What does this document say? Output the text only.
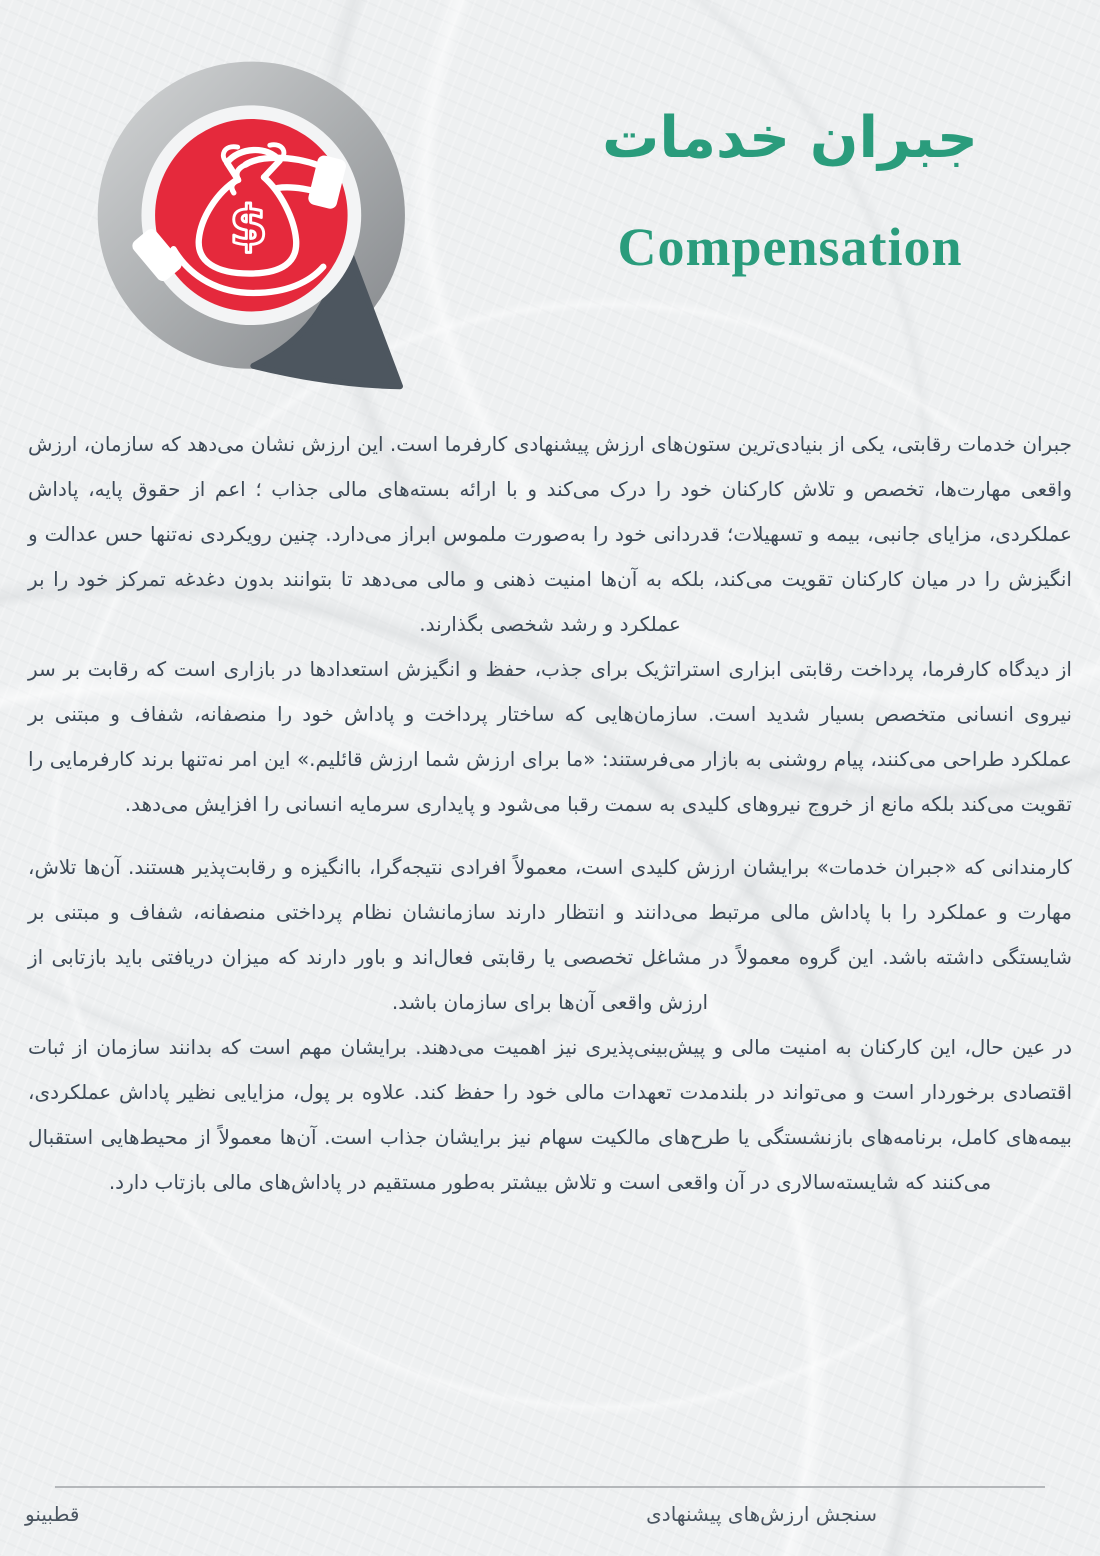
$
جبران خدمات
Compensation

جبران خدمات رقابتی، یکی از بنیادی‌ترین ستون‌های ارزش پیشنهادی کارفرما است. این ارزش نشان می‌دهد که سازمان، ارزش واقعی مهارت‌ها، تخصص و تلاش کارکنان خود را درک می‌کند و با ارائه بسته‌های مالی جذاب ؛ اعم از حقوق پایه، پاداش عملکردی، مزایای جانبی، بیمه و تسهیلات؛ قدردانی خود را به‌صورت ملموس ابراز می‌دارد. چنین رویکردی نه‌تنها حس عدالت و انگیزش را در میان کارکنان تقویت می‌کند، بلکه به آن‌ها امنیت ذهنی و مالی می‌دهد تا بتوانند بدون دغدغه تمرکز خود را بر عملکرد و رشد شخصی بگذارند.

از دیدگاه کارفرما، پرداخت رقابتی ابزاری استراتژیک برای جذب، حفظ و انگیزش استعدادها در بازاری است که رقابت بر سر نیروی انسانی متخصص بسیار شدید است. سازمان‌هایی که ساختار پرداخت و پاداش خود را منصفانه، شفاف و مبتنی بر عملکرد طراحی می‌کنند، پیام روشنی به بازار می‌فرستند: «ما برای ارزش شما ارزش قائلیم.» این امر نه‌تنها برند کارفرمایی را تقویت می‌کند بلکه مانع از خروج نیروهای کلیدی به سمت رقبا می‌شود و پایداری سرمایه انسانی را افزایش می‌دهد.

کارمندانی که «جبران خدمات» برایشان ارزش کلیدی است، معمولاً افرادی نتیجه‌گرا، باانگیزه و رقابت‌پذیر هستند. آن‌ها تلاش، مهارت و عملکرد را با پاداش مالی مرتبط می‌دانند و انتظار دارند سازمانشان نظام پرداختی منصفانه، شفاف و مبتنی بر شایستگی داشته باشد. این گروه معمولاً در مشاغل تخصصی یا رقابتی فعال‌اند و باور دارند که میزان دریافتی باید بازتابی از ارزش واقعی آن‌ها برای سازمان باشد.

در عین حال، این کارکنان به امنیت مالی و پیش‌بینی‌پذیری نیز اهمیت می‌دهند. برایشان مهم است که بدانند سازمان از ثبات اقتصادی برخوردار است و می‌تواند در بلندمدت تعهدات مالی خود را حفظ کند. علاوه بر پول، مزایایی نظیر پاداش عملکردی، بیمه‌های کامل، برنامه‌های بازنشستگی یا طرح‌های مالکیت سهام نیز برایشان جذاب است. آن‌ها معمولاً از محیط‌هایی استقبال می‌کنند که شایسته‌سالاری در آن واقعی است و تلاش بیشتر به‌طور مستقیم در پاداش‌های مالی بازتاب دارد.

سنجش ارزش‌های پیشنهادی
قطبینو
